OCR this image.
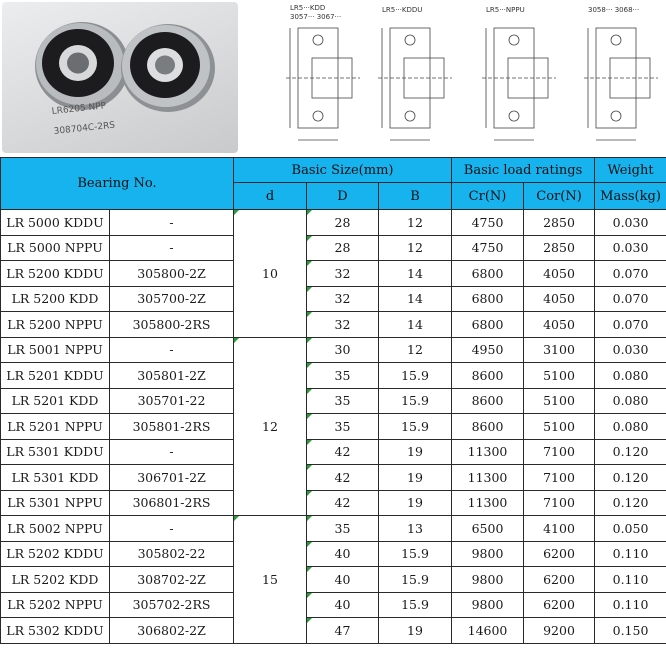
LR6205 NPP
308704C-2RS
LR5···KDD
3057··· 3067···
LR5···KDDU	LR5···NPPU	3058··· 3068···
Bearing No.		Basic Size(mm)			Basic load ratings		Weight
		d	D	B	Cr(N)	Cor(N)	Mass(kg)
LR 5000 KDDU	-	10	28	12	4750	2850	0.030
LR 5000 NPPU	-		28	12	4750	2850	0.030
LR 5200 KDDU	305800-2Z		32	14	6800	4050	0.070
LR 5200 KDD	305700-2Z		32	14	6800	4050	0.070
LR 5200 NPPU	305800-2RS		32	14	6800	4050	0.070
LR 5001 NPPU	-	12	30	12	4950	3100	0.030
LR 5201 KDDU	305801-2Z		35	15.9	8600	5100	0.080
LR 5201 KDD	305701-22		35	15.9	8600	5100	0.080
LR 5201 NPPU	305801-2RS		35	15.9	8600	5100	0.080
LR 5301 KDDU	-		42	19	11300	7100	0.120
LR 5301 KDD	306701-2Z		42	19	11300	7100	0.120
LR 5301 NPPU	306801-2RS		42	19	11300	7100	0.120
LR 5002 NPPU	-	15	35	13	6500	4100	0.050
LR 5202 KDDU	305802-22		40	15.9	9800	6200	0.110
LR 5202 KDD	308702-2Z		40	15.9	9800	6200	0.110
LR 5202 NPPU	305702-2RS		40	15.9	9800	6200	0.110
LR 5302 KDDU	306802-2Z		47	19	14600	9200	0.150
